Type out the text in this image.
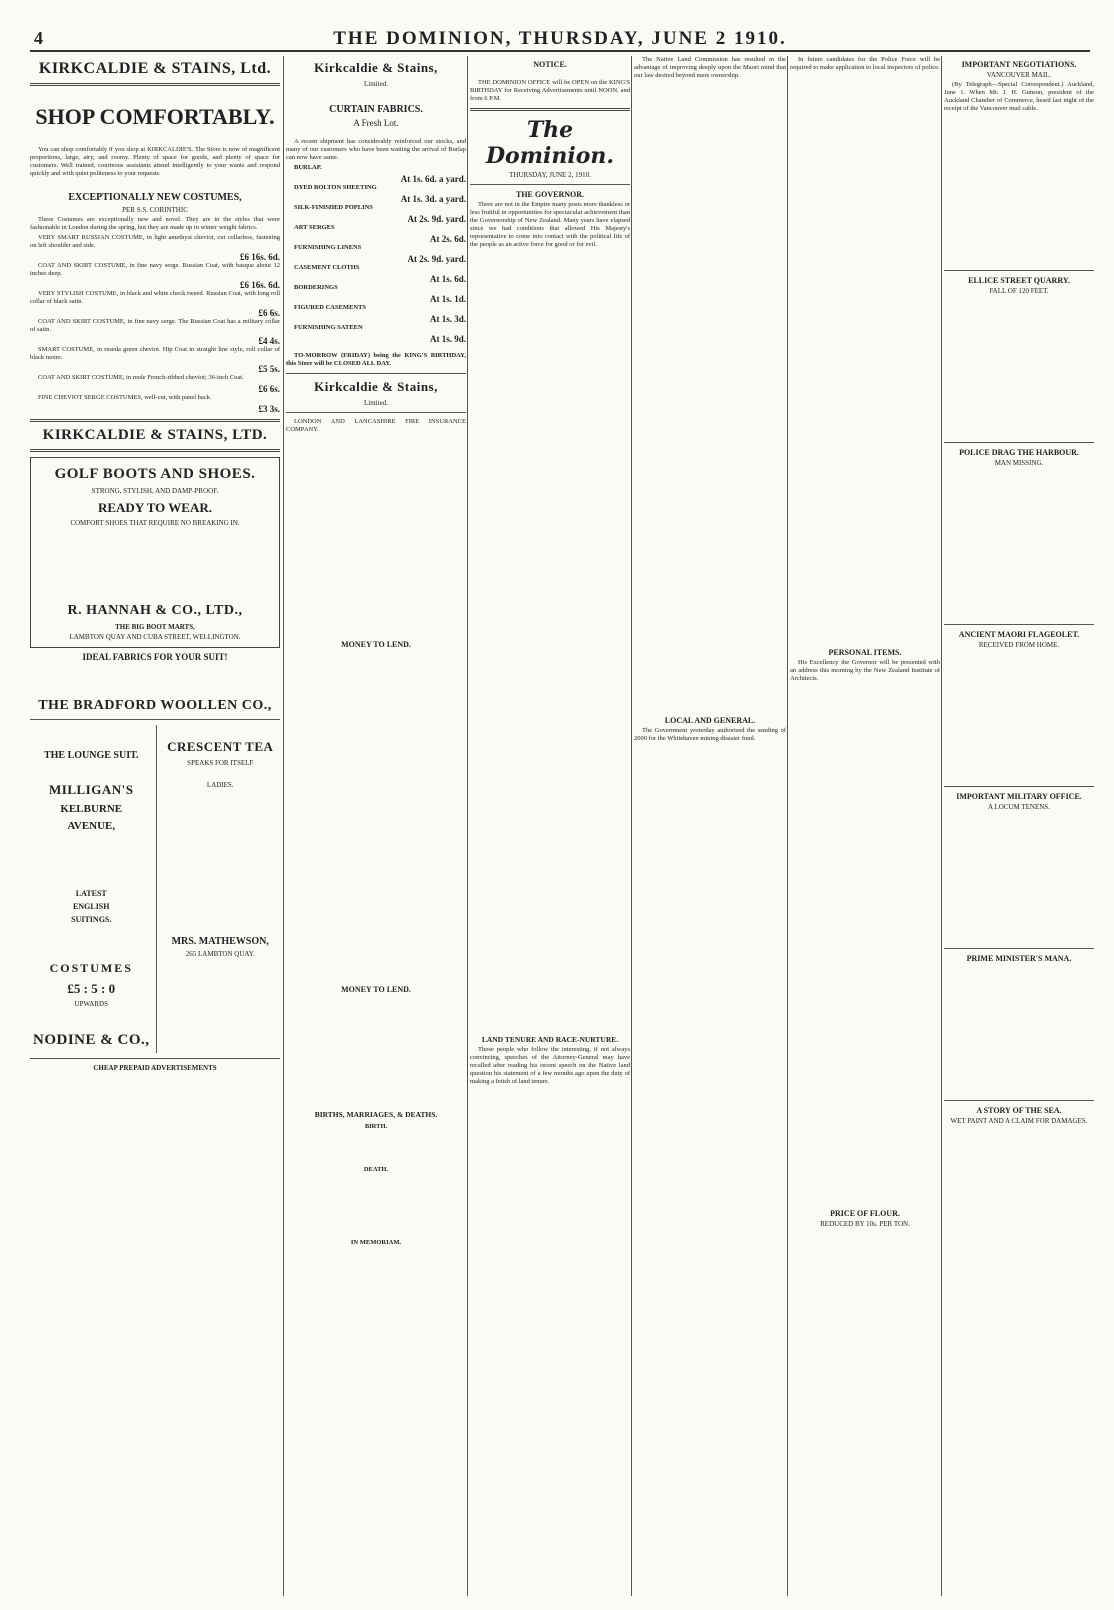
4	THE DOMINION, THURSDAY, JUNE 2 1910.
KIRKCALDIE & STAINS, Ltd.
SHOP COMFORTABLY.

You can shop comfortably if you shop at KIRKCALDIE'S. The Store is now of magnificent proportions, large, airy, and roomy. Plenty of space for goods, and plenty of space for customers. Well trained, courteous assistants attend intelligently to your wants and respond quickly and with quiet politeness to your requests.

EXCEPTIONALLY NEW COSTUMES,
PER S.S. CORINTHIC

These Costumes are exceptionally new and novel. They are in the styles that were fashionable in London during the spring, but they are made up in winter weight fabrics.

VERY SMART RUSSIAN COSTUME, in light amethyst cheviot, cut collarless, fastening on left shoulder and side.

£6 16s. 6d.

COAT AND SKIRT COSTUME, in fine navy serge. Russian Coat, with basque about 12 inches deep.

£6 16s. 6d.

VERY STYLISH COSTUME, in black and white check tweed. Russian Coat, with long roll collar of black satin.

£6 6s.

COAT AND SKIRT COSTUME, in fine navy serge. The Russian Coat has a military collar of satin.

£4 4s.

SMART COSTUME, in reseda green cheviot. Hip Coat in straight line style, roll collar of black moire.

£5 5s.

COAT AND SKIRT COSTUME, in mole French-ribbed cheviot; 36-inch Coat.

£6 6s.

FINE CHEVIOT SERGE COSTUMES, well-cut, with panel back.

£3 3s.
KIRKCALDIE & STAINS, LTD.
GOLF BOOTS AND SHOES.
STRONG, STYLISH, AND DAMP-PROOF.
READY TO WEAR.
COMFORT SHOES THAT REQUIRE NO BREAKING IN.
R. HANNAH & CO., LTD.,
THE BIG BOOT MARTS,
LAMBTON QUAY AND CUBA STREET, WELLINGTON.
IDEAL FABRICS FOR YOUR SUIT!
THE BRADFORD WOOLLEN CO.,
THE LOUNGE SUIT.
MILLIGAN'S
KELBURNE
AVENUE,
LATEST
ENGLISH
SUITINGS.
COSTUMES
£5 : 5 : 0
UPWARDS
NODINE & CO.,
CRESCENT TEA
SPEAKS FOR ITSELF
LADIES.
MRS. MATHEWSON,
265 LAMBTON QUAY.
CHEAP PREPAID ADVERTISEMENTS
Kirkcaldie & Stains,
Limited.
CURTAIN FABRICS.
A Fresh Lot.

A recent shipment has considerably reinforced our stocks, and many of our customers who have been waiting the arrival of Burlap can now have same.

BURLAP.

At 1s. 6d. a yard.

DYED BOLTON SHEETING

At 1s. 3d. a yard.

SILK-FINISHED POPLINS

At 2s. 9d. yard.

ART SERGES

At 2s. 6d.

FURNISHING LINENS

At 2s. 9d. yard.

CASEMENT CLOTHS

At 1s. 6d.

BORDERINGS

At 1s. 1d.

FIGURED CASEMENTS

At 1s. 3d.

FURNISHING SATEEN

At 1s. 9d.

TO-MORROW (FRIDAY) being the KING'S BIRTHDAY, this Store will be CLOSED ALL DAY.

Kirkcaldie & Stains,
Limited.

LONDON AND LANCASHIRE FIRE INSURANCE COMPANY.

MONEY TO LEND.
MONEY TO LEND.
BIRTHS, MARRIAGES, & DEATHS.
BIRTH.
DEATH.
IN MEMORIAM.
NOTICE.

THE DOMINION OFFICE will be OPEN on the KING'S BIRTHDAY for Receiving Advertisements until NOON, and from 6 P.M.

The Dominion.
THURSDAY, JUNE 2, 1910.
THE GOVERNOR.

There are not in the Empire many posts more thankless or less fruitful in opportunities for spectacular achievement than the Governorship of New Zealand. Many years have elapsed since we had conditions that allowed His Majesty's representative to come into contact with the political life of the people as an active force for good or for evil.

LAND TENURE AND RACE-NURTURE.

Those people who follow the interesting, if not always convincing, speeches of the Attorney-General may have recalled after reading his recent speech on the Native land question his statement of a few months ago upon the duty of making a fetish of land tenure.

The Native Land Commission has resulted in the advantage of improving deeply upon the Maori mind that our law desired beyond mere ownership.

LOCAL AND GENERAL.

The Government yesterday authorised the sending of 2000 for the Whitehaven mining disaster fund.

In future candidates for the Police Force will be required to make application to local inspectors of police.

PERSONAL ITEMS.

His Excellency the Governor will be presented with an address this morning by the New Zealand Institute of Architects.

PRICE OF FLOUR.
REDUCED BY 10s. PER TON.
IMPORTANT NEGOTIATIONS.
VANCOUVER MAIL.

(By Telegraph—Special Correspondent.) Auckland, June 1. When Mr. J. H. Gunson, president of the Auckland Chamber of Commerce, heard last night of the receipt of the Vancouver mail cable.

ELLICE STREET QUARRY.
FALL OF 120 FEET.
POLICE DRAG THE HARBOUR.
MAN MISSING.
ANCIENT MAORI FLAGEOLET.
RECEIVED FROM HOME.
IMPORTANT MILITARY OFFICE.
A LOCUM TENENS.
PRIME MINISTER'S MANA.
A STORY OF THE SEA.
WET PAINT AND A CLAIM FOR DAMAGES.
